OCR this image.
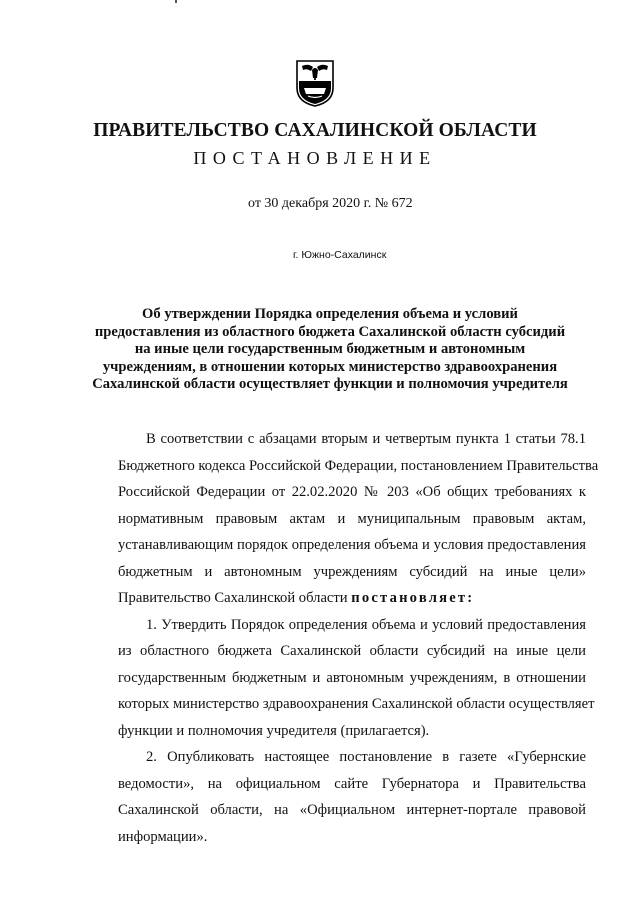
ПРАВИТЕЛЬСТВО САХАЛИНСКОЙ ОБЛАСТИ
ПОСТАНОВЛЕНИЕ
от 30 декабря 2020 г. № 672
г. Южно-Сахалинск
Об утверждении Порядка определения объема и условий
предоставления из областного бюджета Сахалинской областн субсидий
на иные цели государственным бюджетным и автономным
учреждениям, в отношении которых министерство здравоохранения
Сахалинской области осуществляет функции и полномочия учредителя
В соответствии с абзацами вторым и четвертым пункта 1 статьи 78.1
Бюджетного кодекса Российской Федерации, постановлением Правительства
Российской Федерации от 22.02.2020 № 203 «Об общих требованиях к
нормативным правовым актам и муниципальным правовым актам,
устанавливающим порядок определения объема и условия предоставления
бюджетным и автономным учреждениям субсидий на иные цели»
Правительство Сахалинской области постановляет:
1. Утвердить Порядок определения объема и условий предоставления
из областного бюджета Сахалинской области субсидий на иные цели
государственным бюджетным и автономным учреждениям, в отношении
которых министерство здравоохранения Сахалинской области осуществляет
функции и полномочия учредителя (прилагается).
2. Опубликовать настоящее постановление в газете «Губернские
ведомости», на официальном сайте Губернатора и Правительства
Сахалинской области, на «Официальном интернет-портале правовой
информации».
